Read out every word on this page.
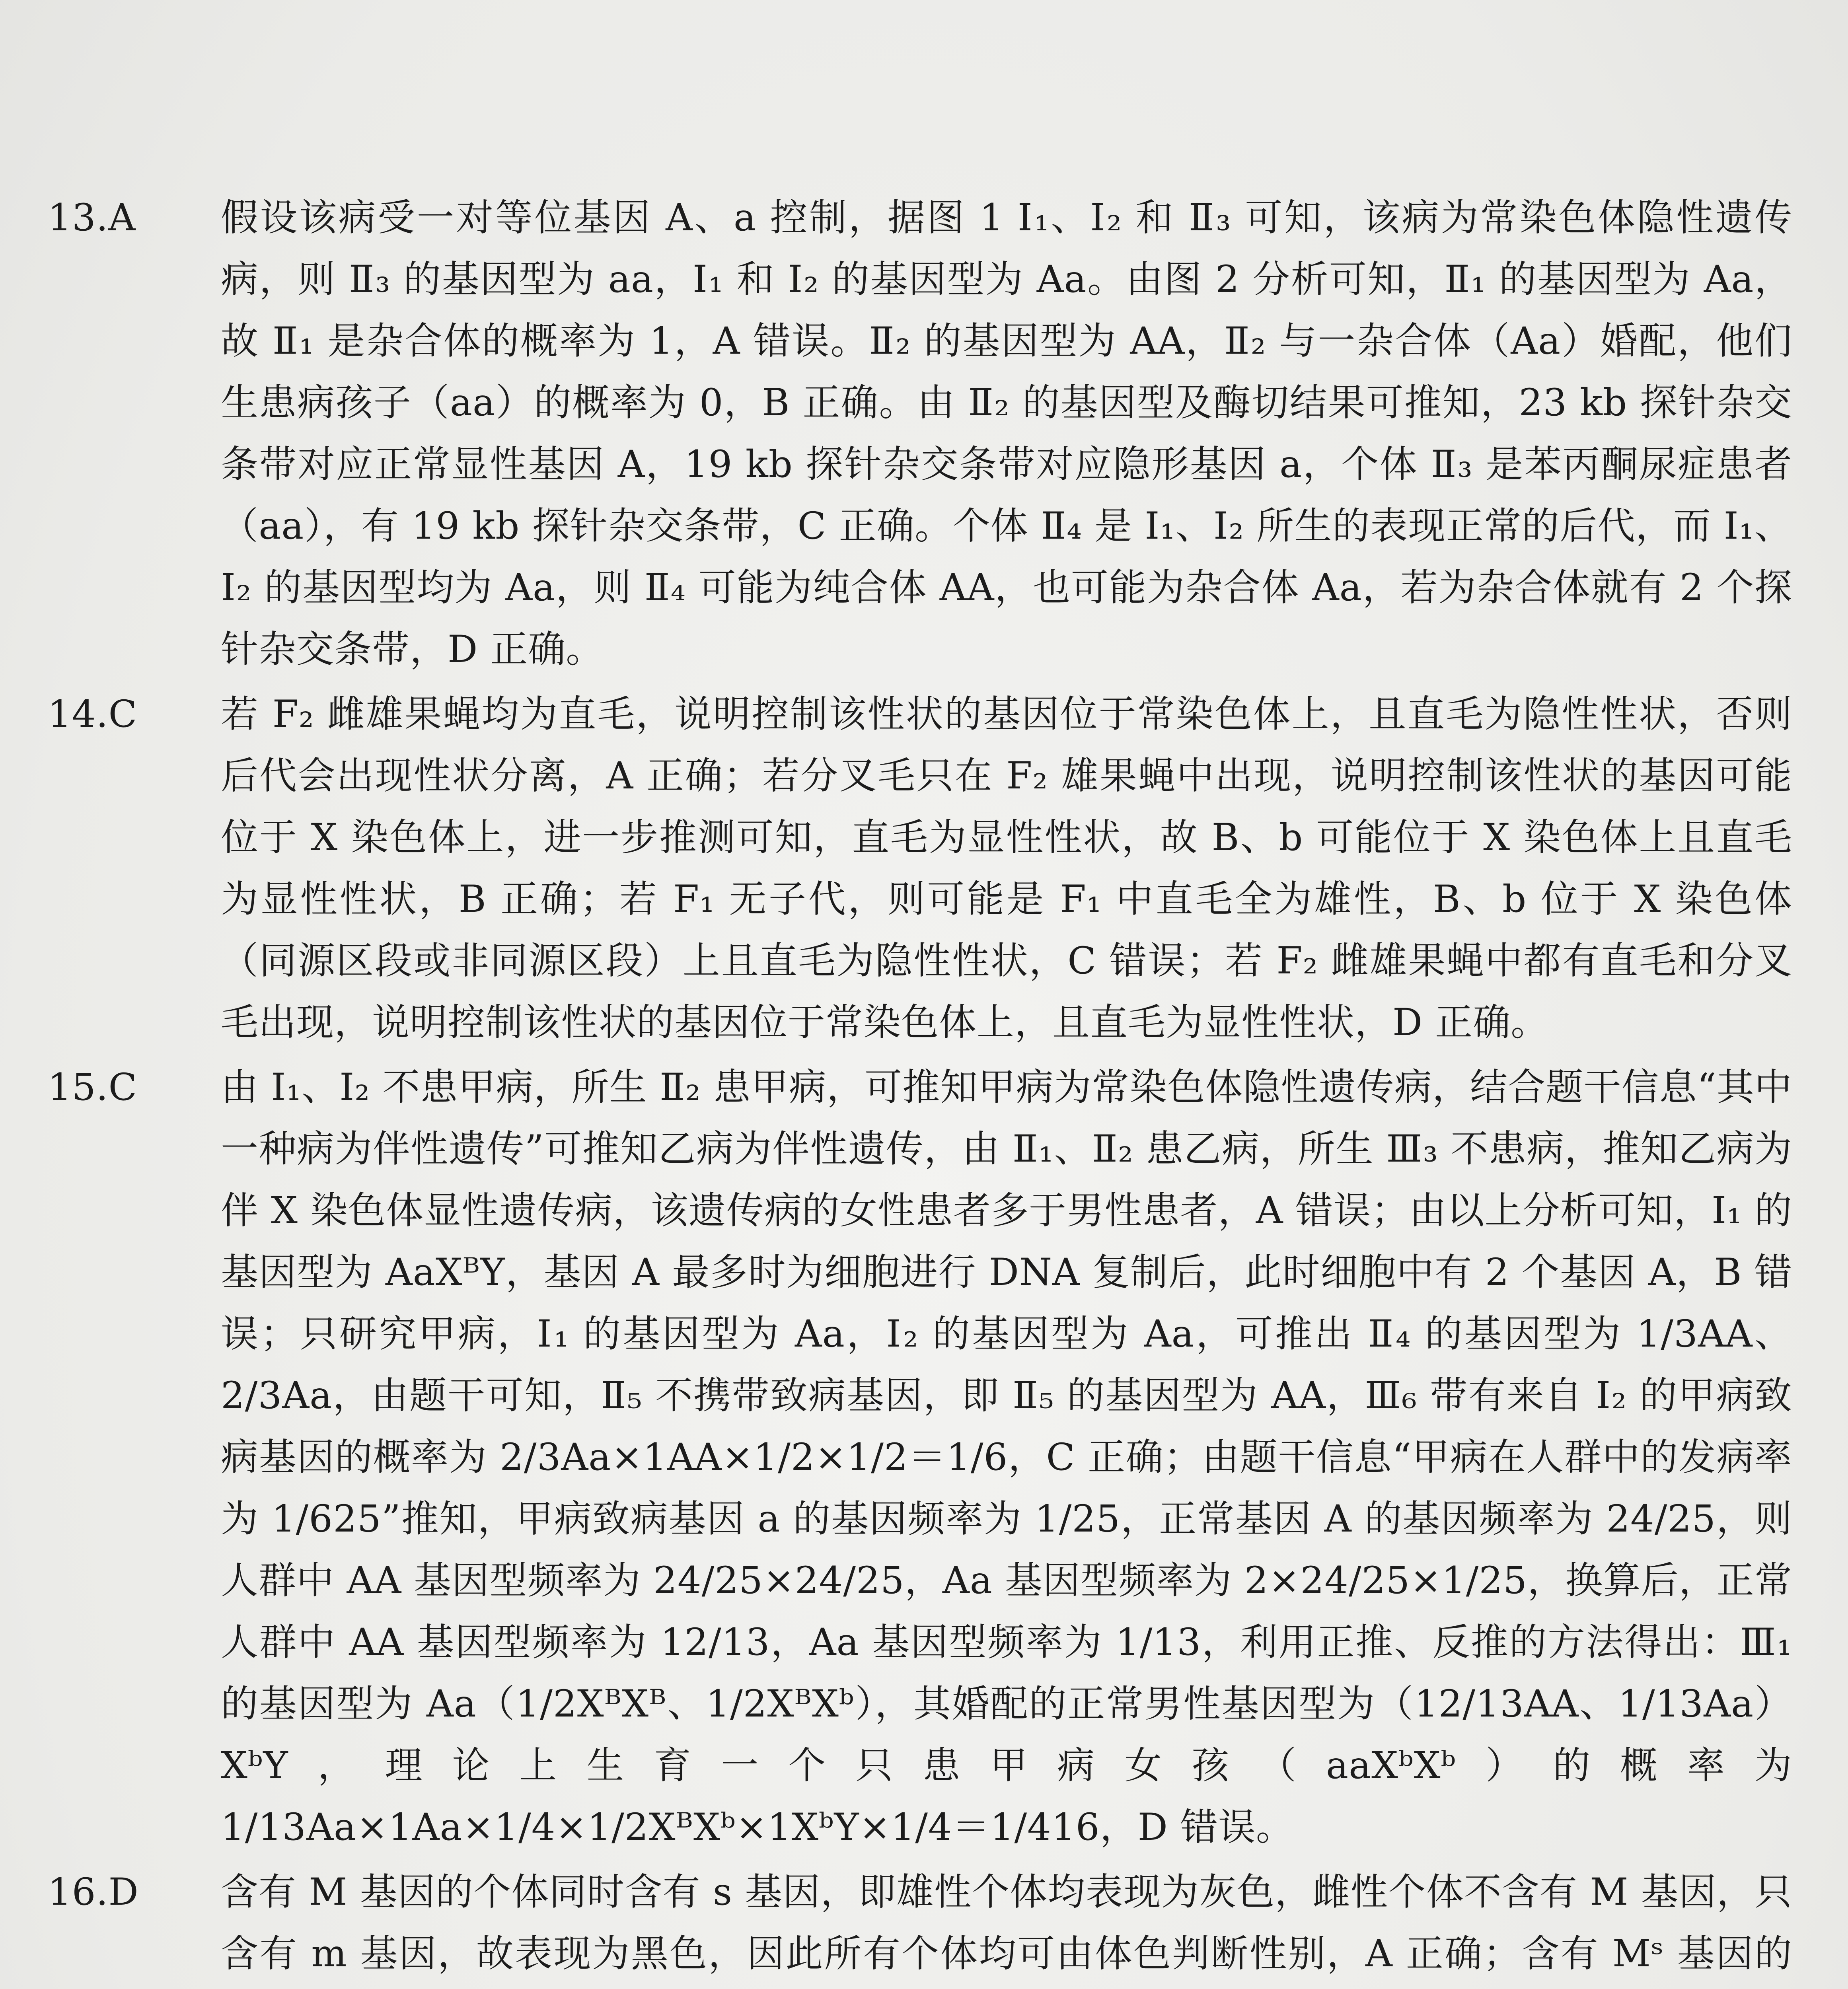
13.A	假设该病受一对等位基因 A、a 控制，据图 1 Ⅰ₁、Ⅰ₂ 和 Ⅱ₃ 可知，该病为常染色体隐性遗传病，则 Ⅱ₃ 的基因型为 aa，Ⅰ₁ 和 Ⅰ₂ 的基因型为 Aa。由图 2 分析可知，Ⅱ₁ 的基因型为 Aa，故 Ⅱ₁ 是杂合体的概率为 1，A 错误。Ⅱ₂ 的基因型为 AA，Ⅱ₂ 与一杂合体（Aa）婚配，他们生患病孩子（aa）的概率为 0，B 正确。由 Ⅱ₂ 的基因型及酶切结果可推知，23 kb 探针杂交条带对应正常显性基因 A，19 kb 探针杂交条带对应隐形基因 a，个体 Ⅱ₃ 是苯丙酮尿症患者（aa），有 19 kb 探针杂交条带，C 正确。个体 Ⅱ₄ 是 Ⅰ₁、Ⅰ₂ 所生的表现正常的后代，而 Ⅰ₁、Ⅰ₂ 的基因型均为 Aa，则 Ⅱ₄ 可能为纯合体 AA，也可能为杂合体 Aa，若为杂合体就有 2 个探针杂交条带，D 正确。
14.C	若 F₂ 雌雄果蝇均为直毛，说明控制该性状的基因位于常染色体上，且直毛为隐性性状，否则后代会出现性状分离，A 正确；若分叉毛只在 F₂ 雄果蝇中出现，说明控制该性状的基因可能位于 X 染色体上，进一步推测可知，直毛为显性性状，故 B、b 可能位于 X 染色体上且直毛为显性性状，B 正确；若 F₁ 无子代，则可能是 F₁ 中直毛全为雄性，B、b 位于 X 染色体（同源区段或非同源区段）上且直毛为隐性性状，C 错误；若 F₂ 雌雄果蝇中都有直毛和分叉毛出现，说明控制该性状的基因位于常染色体上，且直毛为显性性状，D 正确。
15.C	由 Ⅰ₁、Ⅰ₂ 不患甲病，所生 Ⅱ₂ 患甲病，可推知甲病为常染色体隐性遗传病，结合题干信息“其中一种病为伴性遗传”可推知乙病为伴性遗传，由 Ⅱ₁、Ⅱ₂ 患乙病，所生 Ⅲ₃ 不患病，推知乙病为伴 X 染色体显性遗传病，该遗传病的女性患者多于男性患者，A 错误；由以上分析可知，Ⅰ₁ 的基因型为 AaXᴮY，基因 A 最多时为细胞进行 DNA 复制后，此时细胞中有 2 个基因 A，B 错误；只研究甲病，Ⅰ₁ 的基因型为 Aa，Ⅰ₂ 的基因型为 Aa，可推出 Ⅱ₄ 的基因型为 1/3AA、2/3Aa，由题干可知，Ⅱ₅ 不携带致病基因，即 Ⅱ₅ 的基因型为 AA，Ⅲ₆ 带有来自 Ⅰ₂ 的甲病致病基因的概率为 2/3Aa×1AA×1/2×1/2＝1/6，C 正确；由题干信息“甲病在人群中的发病率为 1/625”推知，甲病致病基因 a 的基因频率为 1/25，正常基因 A 的基因频率为 24/25，则人群中 AA 基因型频率为 24/25×24/25，Aa 基因型频率为 2×24/25×1/25，换算后，正常人群中 AA 基因型频率为 12/13，Aa 基因型频率为 1/13，利用正推、反推的方法得出：Ⅲ₁ 的基因型为 Aa（1/2XᴮXᴮ、1/2XᴮXᵇ），其婚配的正常男性基因型为（12/13AA、1/13Aa）XᵇY，理论上生育一个只患甲病女孩（aaXᵇXᵇ）的概率为 1/13Aa×1Aa×1/4×1/2XᴮXᵇ×1XᵇY×1/4＝1/416，D 错误。
16.D	含有 M 基因的个体同时含有 s 基因，即雄性个体均表现为灰色，雌性个体不含有 M 基因，只含有 m 基因，故表现为黑色，因此所有个体均可由体色判断性别，A 正确；含有 Mˢ 基因的
